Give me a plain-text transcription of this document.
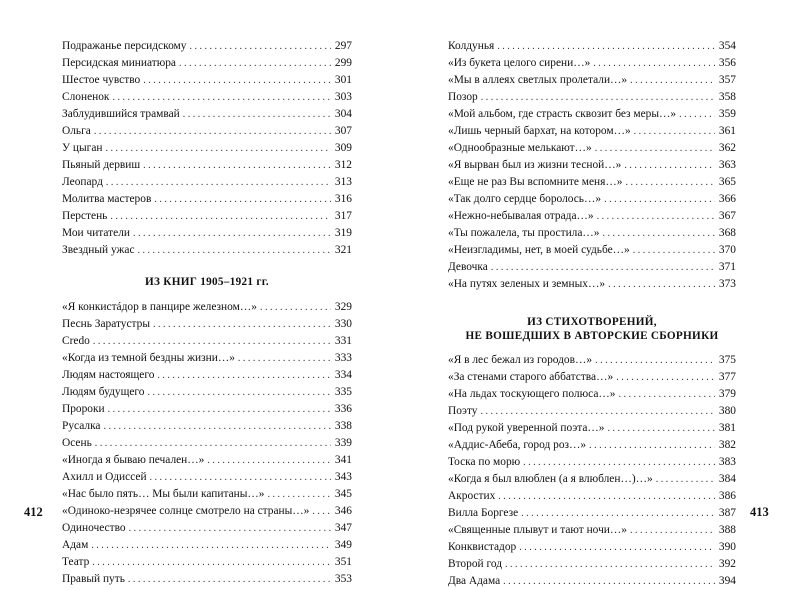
412
Подражанье персидскому . . .	297
Персидская миниатюра . . .	299
Шестое чувство . . .	301
Слоненок . . .	303
Заблудившийся трамвай . . .	304
Ольга . . .	307
У цыган . . .	309
Пьяный дервиш . . .	312
Леопард . . .	313
Молитва мастеров . . .	316
Перстень . . .	317
Мои читатели . . .	319
Звездный ужас . . .	321
ИЗ КНИГ 1905–1921 гг.
«Я конкистáдор в панцире железном…» . . .	329
Песнь Заратустры . . .	330
Credo . . .	331
«Когда из темной бездны жизни…» . . .	333
Людям настоящего . . .	334
Людям будущего . . .	335
Пророки . . .	336
Русалка . . .	338
Осень . . .	339
«Иногда я бываю печален…» . . .	341
Ахилл и Одиссей . . .	343
«Нас было пять… Мы были капитаны…» . . .	345
«Одиноко-незрячее солнце смотрело на страны…» . . .	346
Одиночество . . .	347
Адам . . .	349
Театр . . .	351
Правый путь . . .	353
Колдунья . . .	354
«Из букета целого сирени…» . . .	356
«Мы в аллеях светлых пролетали…» . . .	357
Позор . . .	358
«Мой альбом, где страсть сквозит без меры…» . . .	359
«Лишь черный бархат, на котором…» . . .	361
«Однообразные мелькают…» . . .	362
«Я вырван был из жизни тесной…» . . .	363
«Еще не раз Вы вспомните меня…» . . .	365
«Так долго сердце боролось…» . . .	366
«Нежно-небывалая отрада…» . . .	367
«Ты пожалела, ты простила…» . . .	368
«Неизгладимы, нет, в моей судьбе…» . . .	370
Девочка . . .	371
«На путях зеленых и земных…» . . .	373
ИЗ СТИХОТВОРЕНИЙ,
НЕ ВОШЕДШИХ В АВТОРСКИЕ СБОРНИКИ
«Я в лес бежал из городов…» . . .	375
«За стенами старого аббатства…» . . .	377
«На льдах тоскующего полюса…» . . .	379
Поэту . . .	380
«Под рукой уверенной поэта…» . . .	381
«Аддис-Абеба, город роз…» . . .	382
Тоска по морю . . .	383
«Когда я был влюблен (а я влюблен…)…» . . .	384
Акростих . . .	386
Вилла Боргезе . . .	387
«Священные плывут и тают ночи…» . . .	388
Конквистадор . . .	390
Второй год . . .	392
Два Адама . . .	394
413
